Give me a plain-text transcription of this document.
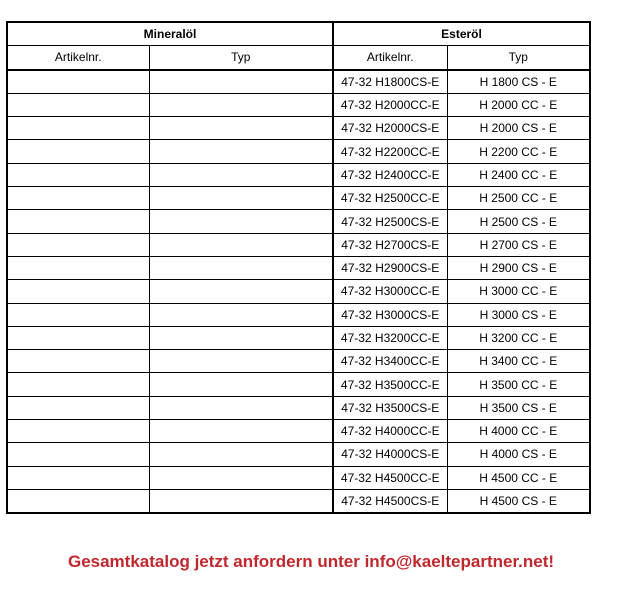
Mineralöl		Esteröl	
Artikelnr.	Typ	Artikelnr.	Typ
		47-32 H1800CS-E	H 1800 CS - E
		47-32 H2000CC-E	H 2000 CC - E
		47-32 H2000CS-E	H 2000 CS - E
		47-32 H2200CC-E	H 2200 CC - E
		47-32 H2400CC-E	H 2400 CC - E
		47-32 H2500CC-E	H 2500 CC - E
		47-32 H2500CS-E	H 2500 CS - E
		47-32 H2700CS-E	H 2700 CS - E
		47-32 H2900CS-E	H 2900 CS - E
		47-32 H3000CC-E	H 3000 CC - E
		47-32 H3000CS-E	H 3000 CS - E
		47-32 H3200CC-E	H 3200 CC - E
		47-32 H3400CC-E	H 3400 CC - E
		47-32 H3500CC-E	H 3500 CC - E
		47-32 H3500CS-E	H 3500 CS - E
		47-32 H4000CC-E	H 4000 CC - E
		47-32 H4000CS-E	H 4000 CS - E
		47-32 H4500CC-E	H 4500 CC - E
		47-32 H4500CS-E	H 4500 CS - E
Gesamtkatalog jetzt anfordern unter info@kaeltepartner.net!
